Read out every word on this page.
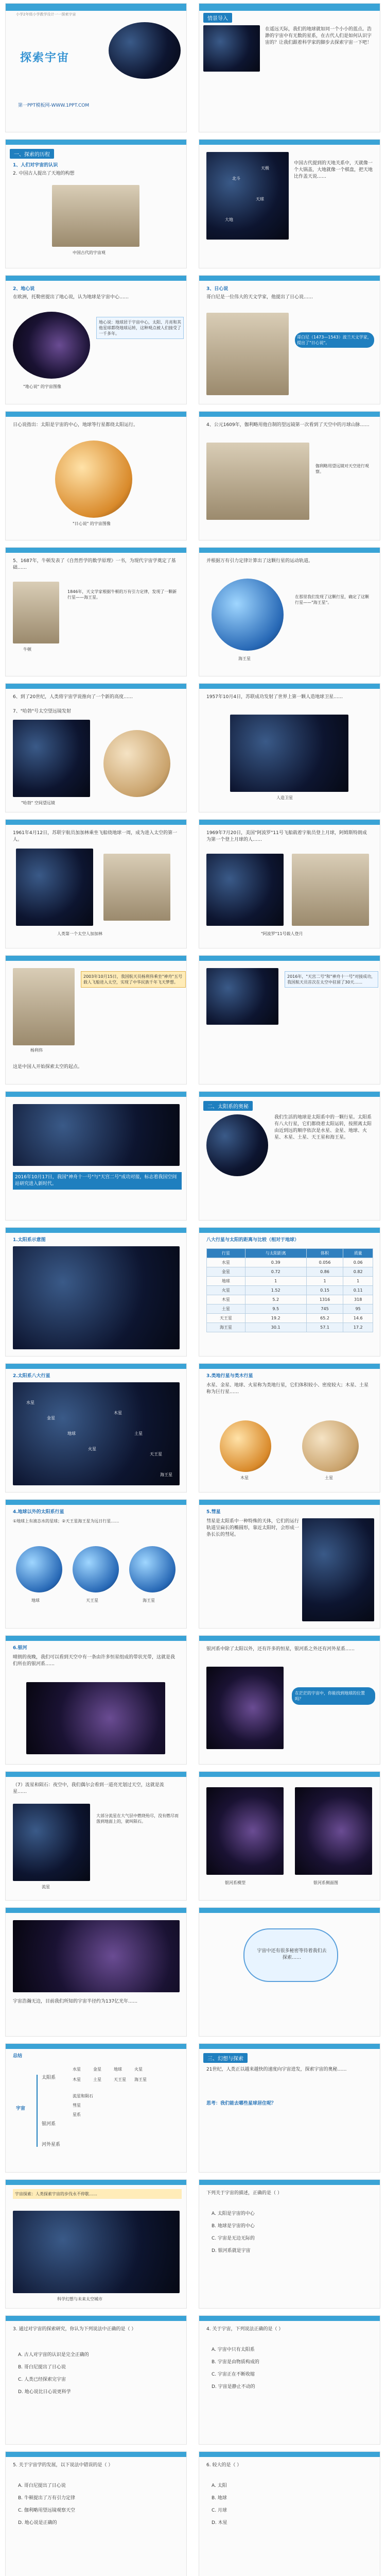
小学2年级小学教学设计一一探索宇宙
探索宇宙
第一PPT模板网-WWW.1PPT.COM
情景导入
在遥远天际，我们的地球就如同一个小小的蓝点。浩渺的宇宙中有无数的星系，在古代人们是如何认识宇宙的？让我们跟着科学家的脚步去探索宇宙一下吧！
一、探索的历程
1、人们对宇宙的认识
2. 中国古人提出了天地的构想
中国古代的宇宙观
北斗
天球
大地
天极
中国古代提到的天地关系中，天就像一个大锅盖，大地就像一个棋盘，把天地比作盖天说……
2、地心说
在欧洲，托勒密提出了地心说，认为地球是宇宙中心……
地心说：地球居于宇宙中心，太阳、月亮和其他星球都绕地球运转，这种观点被人们接受了一千多年。
"地心说" 的宇宙图像
3、日心说
哥白尼是一位伟大的天文学家，他提出了日心说……
哥白尼（1473—1543）波兰天文学家，提出了"日心说"。
日心说指出：太阳是宇宙的中心，地球等行星都绕太阳运行。
"日心说" 的宇宙图像
4、公元1609年，伽利略用他自制的望远镜第一次看到了天空中的月球山脉……
伽利略用望远镜对天空进行观察。
5、1687年，牛顿发表了《自然哲学的数学原理》一书，为现代宇宙学奠定了基础……
牛顿
1846年，天文学家根据牛顿的万有引力定律，发现了一颗新行星——海王星。
并根据万有引力定律计算出了这颗行星的运动轨道。
海王星
在那里我们发现了这颗行星，确定了这颗行星——"海王星"。
6、到了20世纪，人类将宇宙学说推向了一个新的高度……
7、"哈勃"号太空望远镜发射
"哈勃" 空间望远镜
1957年10月4日，苏联成功发射了世界上第一颗人造地球卫星……
人造卫星
1961年4月12日，苏联宇航员加加林乘坐飞船绕地球一周，成为进入太空的第一人。
人类第一个太空人加加林
1969年7月20日，美国"阿波罗"11号飞船载着宇航员登上月球，阿姆斯特朗成为第一个登上月球的人……
"阿波罗"11号载人登月
杨利伟
2003年10月15日，我国航天员杨利伟乘坐"神舟"五号载人飞船进入太空，实现了中华民族千年飞天梦想。
这是中国人开始探索太空的起点。
2016年，"天宫二号"和"神舟十一号"对接成功，我国航天员首次在太空中驻留了30天……
2016年10月17日，我国"神舟十一号"与"天宫二号"成功对接，标志着我国空间站研究进入新时代。
二、太阳系的奥秘
我们生活的地球是太阳系中的一颗行星。太阳系有八大行星，它们都绕着太阳运转，按照离太阳由近到远的顺序依次是水星、金星、地球、火星、木星、土星、天王星和海王星。
1.太阳系示意图	八大行星与太阳的距离与比较（相对于地球）
行星	与太阳距离	体积	质量
水星	0.39	0.056	0.06
金星	0.72	0.86	0.82
地球	1	1	1
火星	1.52	0.15	0.11
木星	5.2	1316	318
土星	9.5	745	95
天王星	19.2	65.2	14.6
海王星	30.1	57.1	17.2
2.太阳系八大行星
水星
金星
地球
火星
木星
土星
天王星
海王星
3.类地行星与类木行星
水星、金星、地球、火星称为类地行星，它们体积较小、密度较大；木星、土星称为巨行星……
木星	土星
4.地球以外的太阳系行星
①地球上有液态水的星球；②天王星海王星为远日行星……
地球	天王星	海王星
5.彗星
彗星是太阳系中一种特殊的天体，它们的运行轨道呈扁长的椭圆形，靠近太阳时，会形成一条长长的彗尾。
6.银河
晴朗的夜晚，我们可以看到天空中有一条由许多恒星组成的带状光带，这就是我们所在的银河系……
银河系中除了太阳以外，还有许多的恒星，银河系之外还有河外星系……
在茫茫的宇宙中，你能找到地球的位置吗？
（7）流星和陨石：夜空中，我们偶尔会看到一道亮光划过天空，这就是流星……
大部分流星在大气层中燃烧殆尽，没有燃尽而落到地面上的，就叫陨石。
流星
银河系模型	银河系侧面图
宇宙浩瀚无边，目前我们所知的宇宙半径约为137亿光年……
宇宙中还有很多秘密等待着我们去探索……
总结
宇宙
太阳系
银河系
河外星系
水星	金星	地球	火星
木星	土星	天王星 海王星
流星和陨石
彗星
星系
三、幻想与探索
21世纪，人类正以越来越快的速度向宇宙进发，探索宇宙的奥秘……
思考：我们能去哪些星球居住呢？
宇宙探索：人类探索宇宙的步伐永不停歇……
科学幻想与未来太空城市
下列关于宇宙的描述，正确的是（ ）
A. 太阳是宇宙的中心
B. 地球是宇宙的中心
C. 宇宙是无边无际的
D. 银河系就是宇宙
3. 通过对宇宙的探索研究，你认为下列说法中正确的是（ ）
A. 古人对宇宙的认识是完全正确的
B. 哥白尼提出了日心说
C. 人类已经探索完宇宙
D. 地心说比日心说更科学
4. 关于宇宙，下列说法正确的是（ ）
A. 宇宙中只有太阳系
B. 宇宙是由物质构成的
C. 宇宙正在不断收缩
D. 宇宙是静止不动的
5. 关于宇宙学的发展，以下说法中错误的是（ ）
A. 哥白尼提出了日心说
B. 牛顿提出了万有引力定律
C. 伽利略用望远镜观察天空
D. 地心说是正确的
6. 较大的是（ ）
A. 太阳
B. 地球
C. 月球
D. 木星
